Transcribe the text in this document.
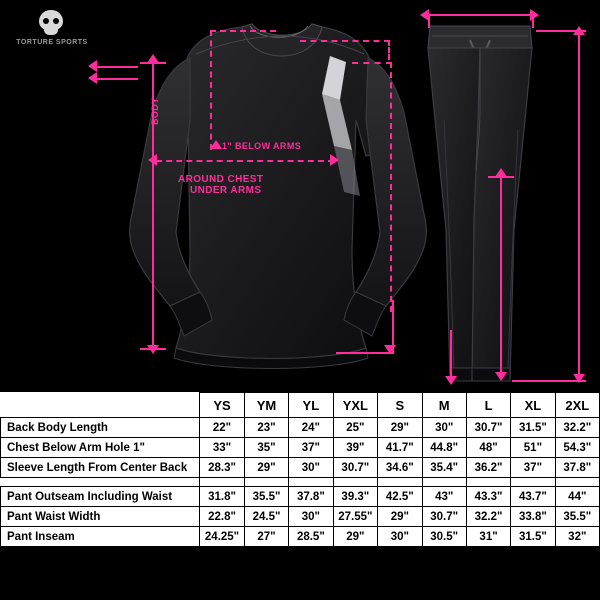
TORTURE SPORTS
BODY
1" BELOW ARMS
AROUND CHEST
UNDER ARMS
	YS	YM	YL	YXL	S	M	L	XL	2XL
Back Body Length	22"	23"	24"	25"	29"	30"	30.7"	31.5"	32.2"
Chest Below Arm Hole 1"	33"	35"	37"	39"	41.7"	44.8"	48"	51"	54.3"
Sleeve Length From Center Back	28.3"	29"	30"	30.7"	34.6"	35.4"	36.2"	37"	37.8"

Pant Outseam Including Waist	31.8"	35.5"	37.8"	39.3"	42.5"	43"	43.3"	43.7"	44"
Pant Waist Width	22.8"	24.5"	30"	27.55"	29"	30.7"	32.2"	33.8"	35.5"
Pant Inseam	24.25"	27"	28.5"	29"	30"	30.5"	31"	31.5"	32"
